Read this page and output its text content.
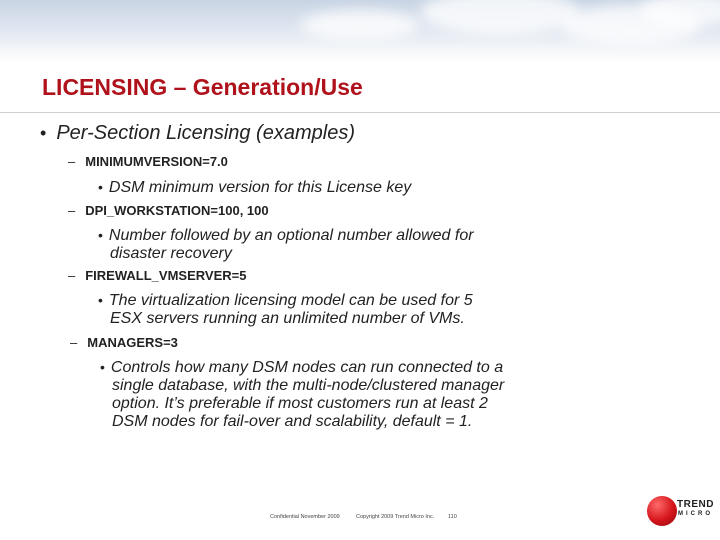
LICENSING – Generation/Use
• Per-Section Licensing (examples)
– MINIMUMVERSION=7.0
• DSM minimum version for this License key
– DPI_WORKSTATION=100, 100
• Number followed by an optional number allowed for
disaster recovery
– FIREWALL_VMSERVER=5
• The virtualization licensing model can be used for 5
ESX servers running an unlimited number of VMs.
– MANAGERS=3
• Controls how many DSM nodes can run connected to a
single database, with the multi-node/clustered manager
option. It’s preferable if most customers run at least 2
DSM nodes for fail-over and scalability, default = 1.
Confidential November 2009	Copyright 2009 Trend Micro Inc. 110
TREND
MICRO
